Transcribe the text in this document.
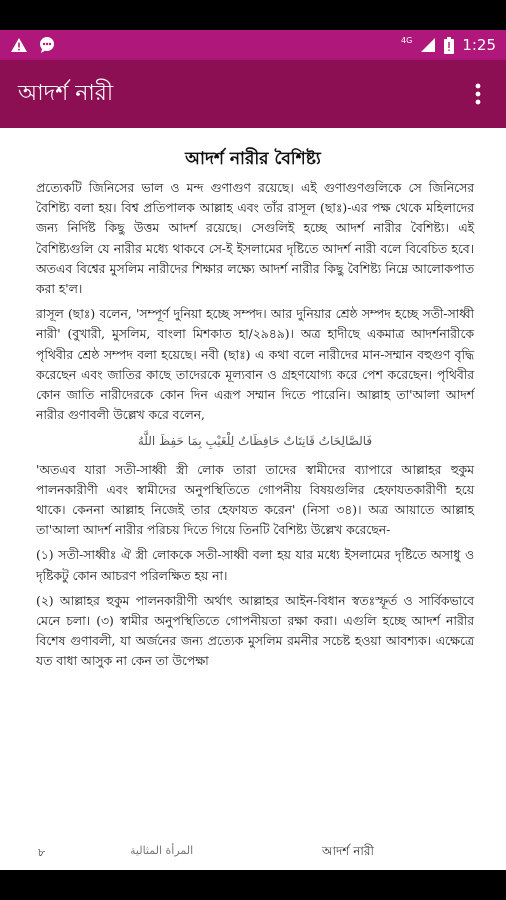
4G	1:25
আদর্শ নারী
আদর্শ নারীর বৈশিষ্ট্য

প্রত্যেকটি জিনিসের ভাল ও মন্দ গুণাগুণ রয়েছে। এই গুণাগুণগুলিকে সে জিনিসের বৈশিষ্ট্য বলা হয়। বিশ্ব প্রতিপালক আল্লাহ এবং তাঁর রাসূল (ছাঃ)-এর পক্ষ থেকে মহিলাদের জন্য নির্দিষ্ট কিছু উত্তম আদর্শ রয়েছে। সেগুলিই হচ্ছে আদর্শ নারীর বৈশিষ্ট্য। এই বৈশিষ্ট্যগুলি যে নারীর মধ্যে থাকবে সে-ই ইসলামের দৃষ্টিতে আদর্শ নারী বলে বিবেচিত হবে। অতএব বিশ্বের মুসলিম নারীদের শিক্ষার লক্ষ্যে আদর্শ নারীর কিছু বৈশিষ্ট্য নিম্নে আলোকপাত করা হ'ল।

রাসূল (ছাঃ) বলেন, 'সম্পূর্ণ দুনিয়া হচ্ছে সম্পদ। আর দুনিয়ার শ্রেষ্ঠ সম্পদ হচ্ছে সতী-সাধ্বী নারী' (বুখারী, মুসলিম, বাংলা মিশকাত হা/২৯৪৯)। অত্র হাদীছে একমাত্র আদর্শনারীকে পৃথিবীর শ্রেষ্ঠ সম্পদ বলা হয়েছে। নবী (ছাঃ) এ কথা বলে নারীদের মান-সম্মান বহুগুণ বৃদ্ধি করেছেন এবং জাতির কাছে তাদেরকে মূল্যবান ও গ্রহণযোগ্য করে পেশ করেছেন। পৃথিবীর কোন জাতি নারীদেরকে কোন দিন এরূপ সম্মান দিতে পারেনি। আল্লাহ তা'আলা আদর্শ নারীর গুণাবলী উল্লেখ করে বলেন,

فَالصَّالِحَاتُ قَانِتَاتٌ حَافِظَاتٌ لِلْغَيْبِ بِمَا حَفِظَ اللَّهُ

'অতএব যারা সতী-সাধ্বী স্ত্রী লোক তারা তাদের স্বামীদের ব্যাপারে আল্লাহর হুকুম পালনকারীণী এবং স্বামীদের অনুপস্থিতিতে গোপনীয় বিষয়গুলির হেফাযতকারীণী হয়ে থাকে। কেননা আল্লাহ নিজেই তার হেফাযত করেন' (নিসা ৩৪)। অত্র আয়াতে আল্লাহ তা'আলা আদর্শ নারীর পরিচয় দিতে গিয়ে তিনটি বৈশিষ্ট্য উল্লেখ করেছেন-

(১) সতী-সাধ্বীঃ ঐ স্ত্রী লোককে সতী-সাধ্বী বলা হয় যার মধ্যে ইসলামের দৃষ্টিতে অসাধু ও দৃষ্টিকটু কোন আচরণ পরিলক্ষিত হয় না।

(২) আল্লাহর হুকুম পালনকারীণী অর্থাৎ আল্লাহর আইন-বিধান স্বতঃস্ফূর্ত ও সার্বিকভাবে মেনে চলা। (৩) স্বামীর অনুপস্থিতিতে গোপনীয়তা রক্ষা করা। এগুলি হচ্ছে আদর্শ নারীর বিশেষ গুণাবলী, যা অর্জনের জন্য প্রত্যেক মুসলিম রমনীর সচেষ্ট হওয়া আবশ্যক। এক্ষেত্রে যত বাধা আসুক না কেন তা উপেক্ষা

৮	المرأة المثالية	আদর্শ নারী
